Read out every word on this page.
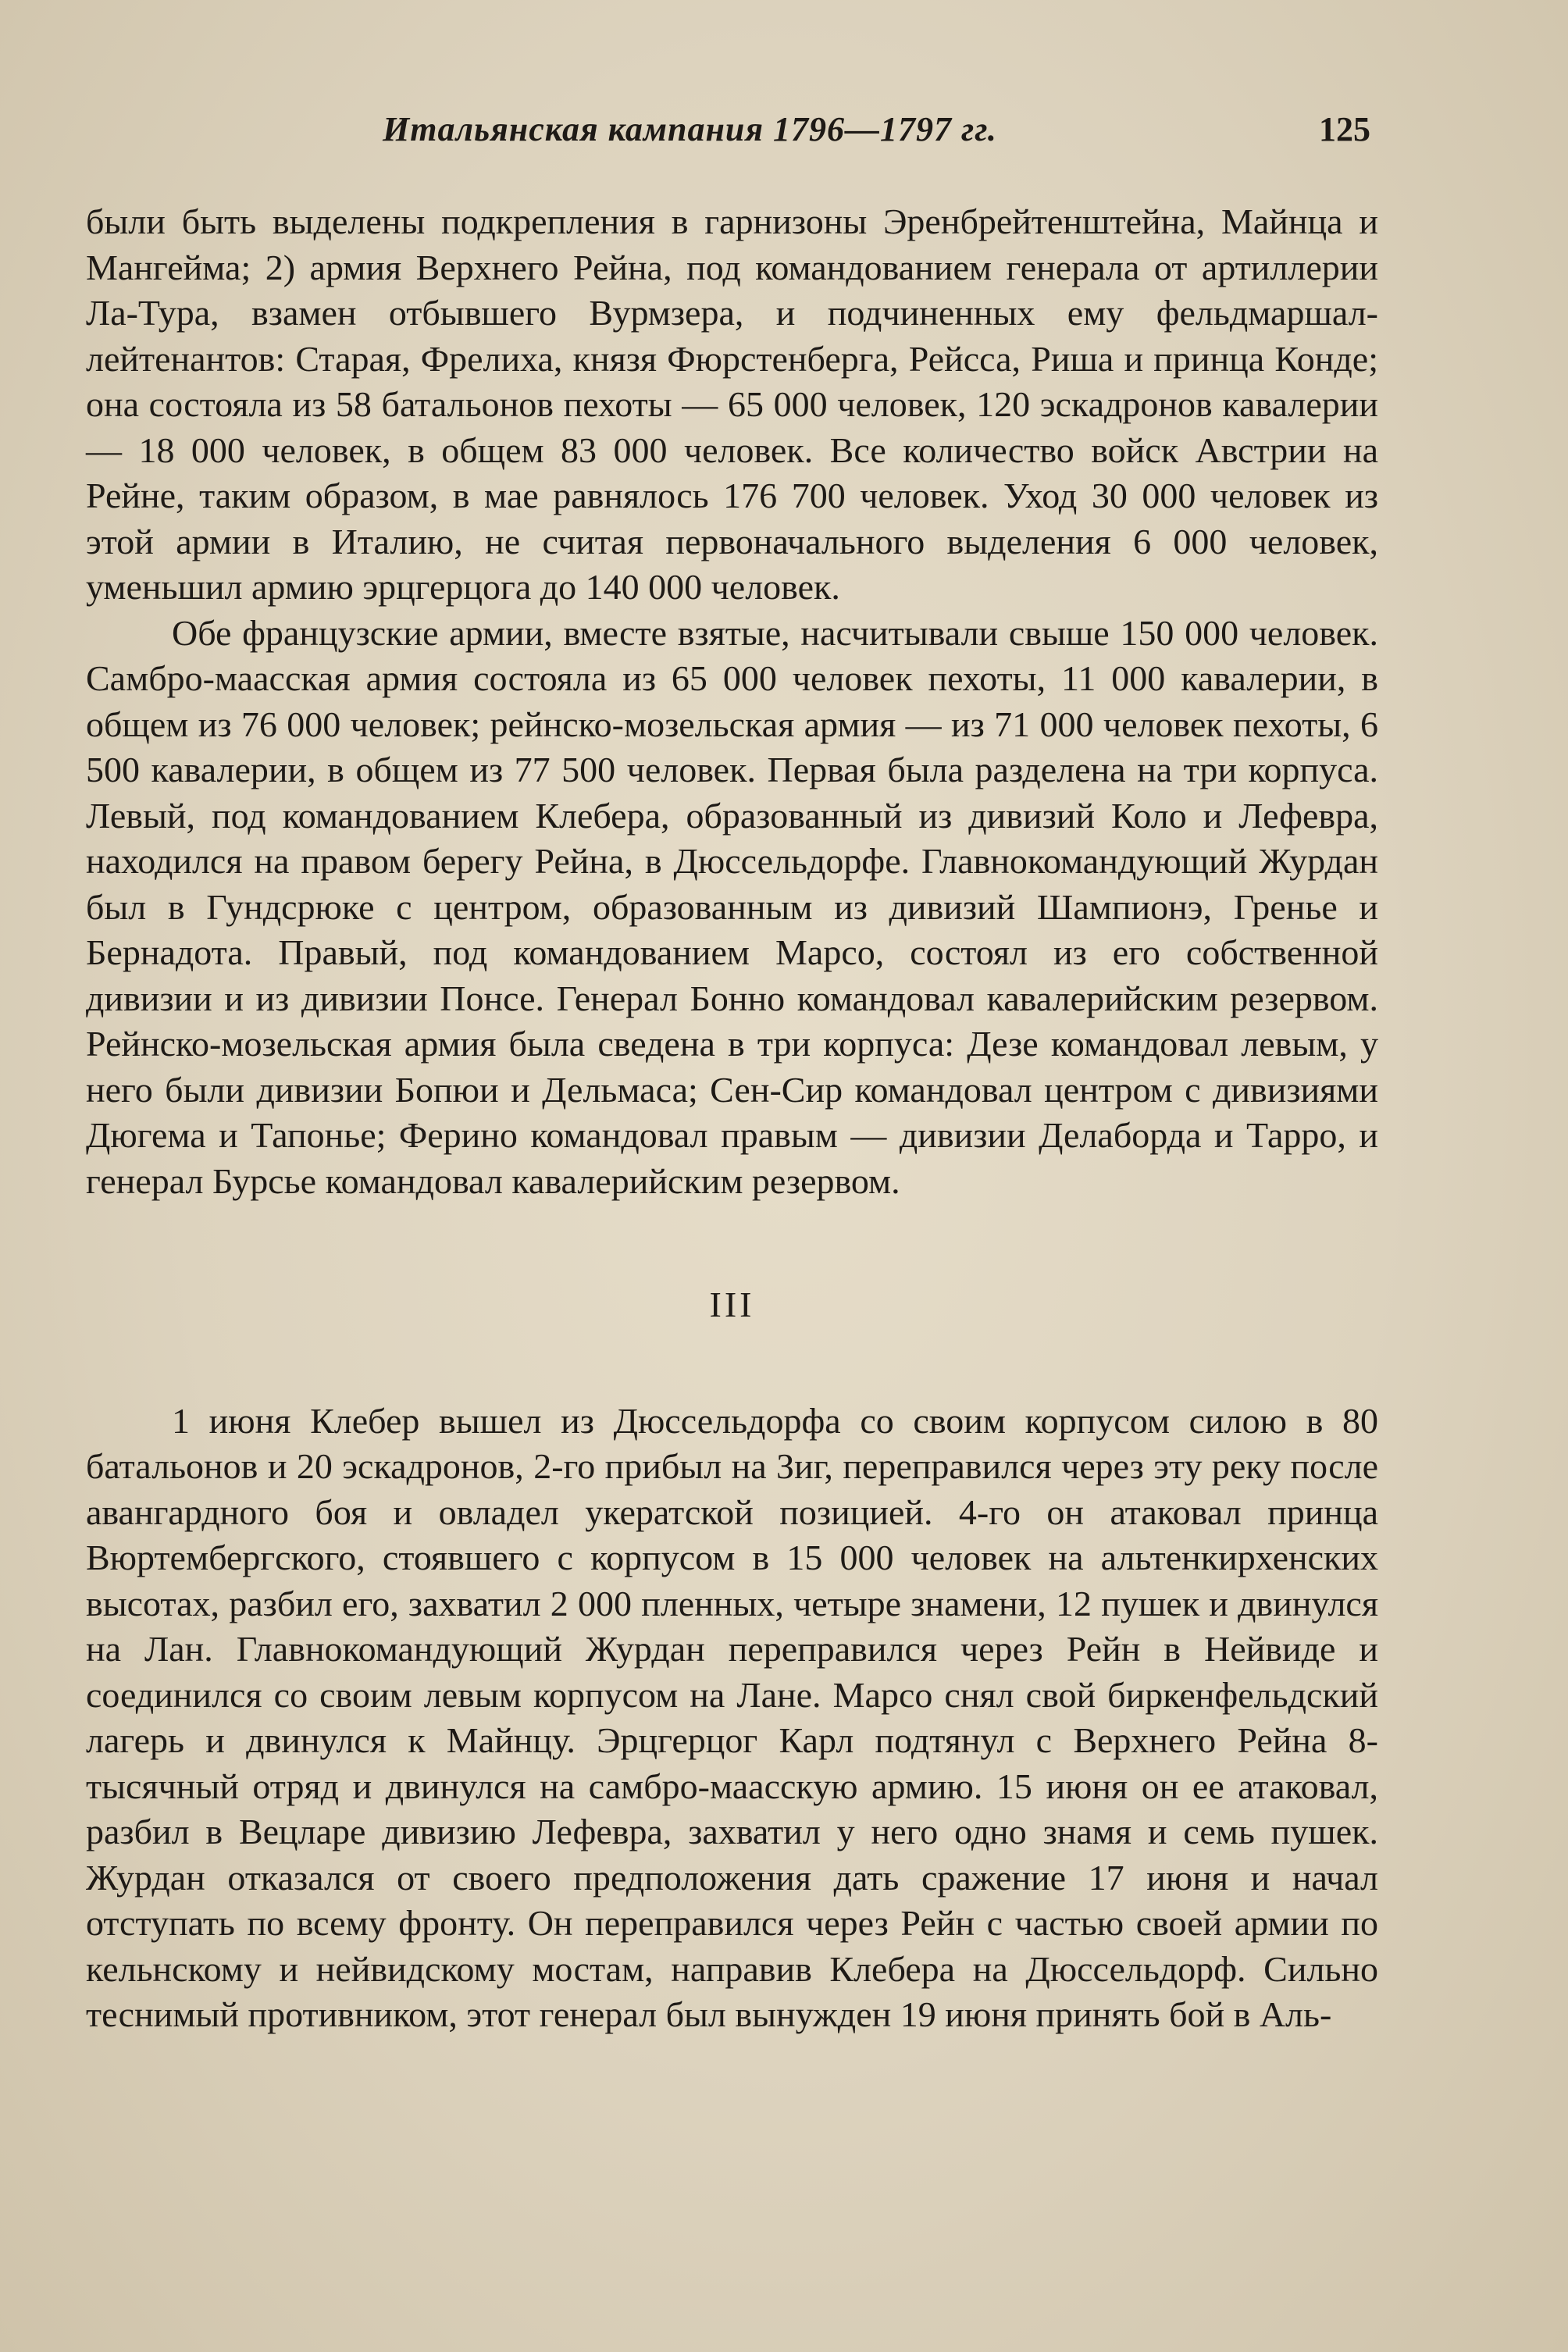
Итальянская кампания 1796—1797 гг.	125

были быть выделены подкрепления в гарнизоны Эренбрейтенштейна, Майнца и Мангейма; 2) армия Верхнего Рейна, под командованием генерала от артиллерии Ла-Тура, взамен отбывшего Вурмзера, и подчиненных ему фельдмаршал-лейтенантов: Старая, Фрелиха, князя Фюрстенберга, Рейсса, Риша и принца Конде; она состояла из 58 батальонов пехоты — 65 000 человек, 120 эскадронов кавалерии — 18 000 человек, в общем 83 000 человек. Все количество войск Австрии на Рейне, таким образом, в мае равнялось 176 700 человек. Уход 30 000 человек из этой армии в Италию, не считая первоначального выделения 6 000 человек, уменьшил армию эрцгерцога до 140 000 человек.

Обе французские армии, вместе взятые, насчитывали свыше 150 000 человек. Самбро-маасская армия состояла из 65 000 человек пехоты, 11 000 кавалерии, в общем из 76 000 человек; рейнско-мозельская армия — из 71 000 человек пехоты, 6 500 кавалерии, в общем из 77 500 человек. Первая была разделена на три корпуса. Левый, под командованием Клебера, образованный из дивизий Коло и Лефевра, находился на правом берегу Рейна, в Дюссельдорфе. Главнокомандующий Журдан был в Гундсрюке с центром, образованным из дивизий Шампионэ, Гренье и Бернадота. Правый, под командованием Марсо, состоял из его собственной дивизии и из дивизии Понсе. Генерал Бонно командовал кавалерийским резервом. Рейнско-мозельская армия была сведена в три корпуса: Дезе командовал левым, у него были дивизии Бопюи и Дельмаса; Сен-Сир командовал центром с дивизиями Дюгема и Тапонье; Ферино командовал правым — дивизии Делаборда и Тарро, и генерал Бурсье командовал кавалерийским резервом.

III

1 июня Клебер вышел из Дюссельдорфа со своим корпусом силою в 80 батальонов и 20 эскадронов, 2-го прибыл на Зиг, переправился через эту реку после авангардного боя и овладел укератской позицией. 4-го он атаковал принца Вюртембергского, стоявшего с корпусом в 15 000 человек на альтенкирхенских высотах, разбил его, захватил 2 000 пленных, четыре знамени, 12 пушек и двинулся на Лан. Главнокомандующий Журдан переправился через Рейн в Нейвиде и соединился со своим левым корпусом на Лане. Марсо снял свой биркенфельдский лагерь и двинулся к Майнцу. Эрцгерцог Карл подтянул с Верхнего Рейна 8-тысячный отряд и двинулся на самбро-маасскую армию. 15 июня он ее атаковал, разбил в Вецларе дивизию Лефевра, захватил у него одно знамя и семь пушек. Журдан отказался от своего предположения дать сражение 17 июня и начал отступать по всему фронту. Он переправился через Рейн с частью своей армии по кельнскому и нейвидскому мостам, направив Клебера на Дюссельдорф. Сильно теснимый противником, этот генерал был вынужден 19 июня принять бой в Аль-
